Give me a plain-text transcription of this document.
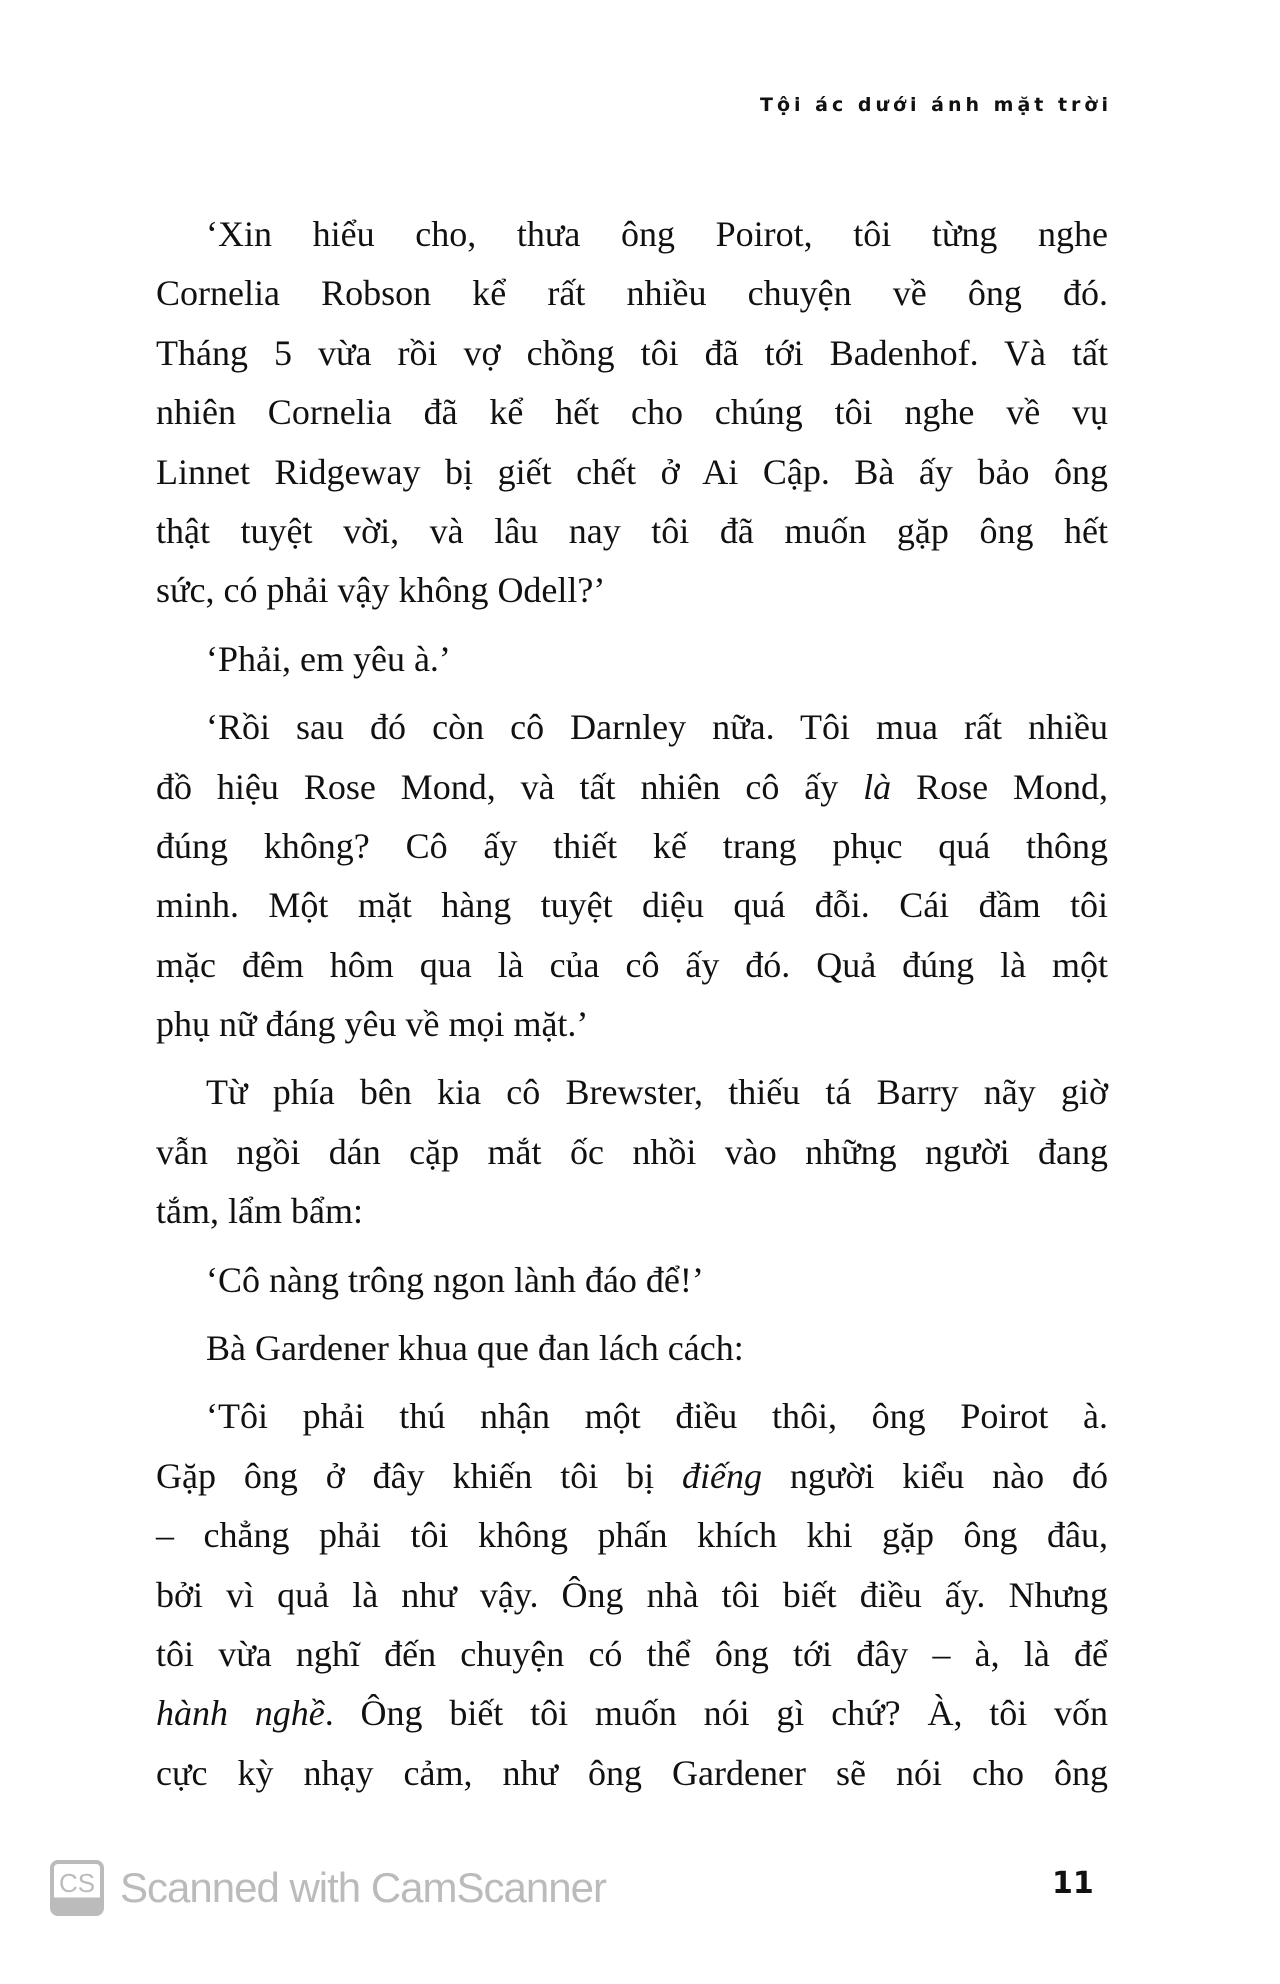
Tội ác dưới ánh mặt trời
‘Xin hiểu cho, thưa ông Poirot, tôi từng nghe
Cornelia Robson kể rất nhiều chuyện về ông đó.
Tháng 5 vừa rồi vợ chồng tôi đã tới Badenhof. Và tất
nhiên Cornelia đã kể hết cho chúng tôi nghe về vụ
Linnet Ridgeway bị giết chết ở Ai Cập. Bà ấy bảo ông
thật tuyệt vời, và lâu nay tôi đã muốn gặp ông hết
sức, có phải vậy không Odell?’
‘Phải, em yêu à.’
‘Rồi sau đó còn cô Darnley nữa. Tôi mua rất nhiều
đồ hiệu Rose Mond, và tất nhiên cô ấy là Rose Mond,
đúng không? Cô ấy thiết kế trang phục quá thông
minh. Một mặt hàng tuyệt diệu quá đỗi. Cái đầm tôi
mặc đêm hôm qua là của cô ấy đó. Quả đúng là một
phụ nữ đáng yêu về mọi mặt.’
Từ phía bên kia cô Brewster, thiếu tá Barry nãy giờ
vẫn ngồi dán cặp mắt ốc nhồi vào những người đang
tắm, lẩm bẩm:
‘Cô nàng trông ngon lành đáo để!’
Bà Gardener khua que đan lách cách:
‘Tôi phải thú nhận một điều thôi, ông Poirot à.
Gặp ông ở đây khiến tôi bị điếng người kiểu nào đó
– chẳng phải tôi không phấn khích khi gặp ông đâu,
bởi vì quả là như vậy. Ông nhà tôi biết điều ấy. Nhưng
tôi vừa nghĩ đến chuyện có thể ông tới đây – à, là để
hành nghề. Ông biết tôi muốn nói gì chứ? À, tôi vốn
cực kỳ nhạy cảm, như ông Gardener sẽ nói cho ông
CS Scanned with CamScanner	11
